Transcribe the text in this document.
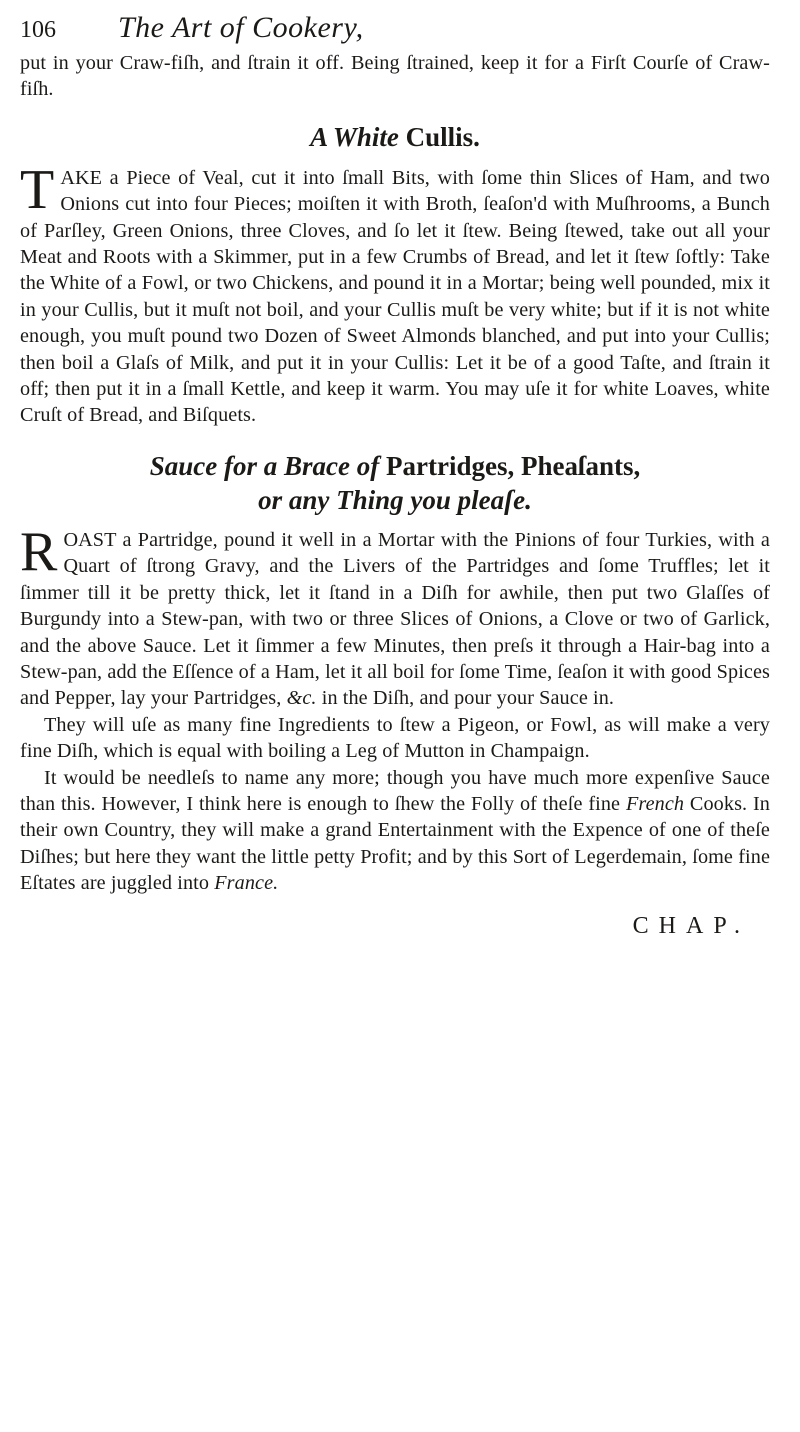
106	The Art of Cookery,

put in your Craw-fiſh, and ſtrain it off. Being ſtrained, keep it for a Firſt Courſe of Craw-fiſh.

A White Cullis.

TAKE a Piece of Veal, cut it into ſmall Bits, with ſome thin Slices of Ham, and two Onions cut into four Pieces; moiſten it with Broth, ſeaſon'd with Muſhrooms, a Bunch of Parſley, Green Onions, three Cloves, and ſo let it ſtew. Being ſtewed, take out all your Meat and Roots with a Skimmer, put in a few Crumbs of Bread, and let it ſtew ſoftly: Take the White of a Fowl, or two Chickens, and pound it in a Mortar; being well pounded, mix it in your Cullis, but it muſt not boil, and your Cullis muſt be very white; but if it is not white enough, you muſt pound two Dozen of Sweet Almonds blanched, and put into your Cullis; then boil a Glaſs of Milk, and put it in your Cullis: Let it be of a good Taſte, and ſtrain it off; then put it in a ſmall Kettle, and keep it warm. You may uſe it for white Loaves, white Cruſt of Bread, and Biſquets.

Sauce for a Brace of Partridges, Pheaſants,
or any Thing you pleaſe.

ROAST a Partridge, pound it well in a Mortar with the Pinions of four Turkies, with a Quart of ſtrong Gravy, and the Livers of the Partridges and ſome Truffles; let it ſimmer till it be pretty thick, let it ſtand in a Diſh for awhile, then put two Glaſſes of Burgundy into a Stew-pan, with two or three Slices of Onions, a Clove or two of Garlick, and the above Sauce. Let it ſimmer a few Minutes, then preſs it through a Hair-bag into a Stew-pan, add the Eſſence of a Ham, let it all boil for ſome Time, ſeaſon it with good Spices and Pepper, lay your Partridges, &c. in the Diſh, and pour your Sauce in.

They will uſe as many fine Ingredients to ſtew a Pigeon, or Fowl, as will make a very fine Diſh, which is equal with boiling a Leg of Mutton in Champaign.

It would be needleſs to name any more; though you have much more expenſive Sauce than this. However, I think here is enough to ſhew the Folly of theſe fine French Cooks. In their own Country, they will make a grand Entertainment with the Expence of one of theſe Diſhes; but here they want the little petty Profit; and by this Sort of Legerdemain, ſome fine Eſtates are juggled into France.

CHAP.
